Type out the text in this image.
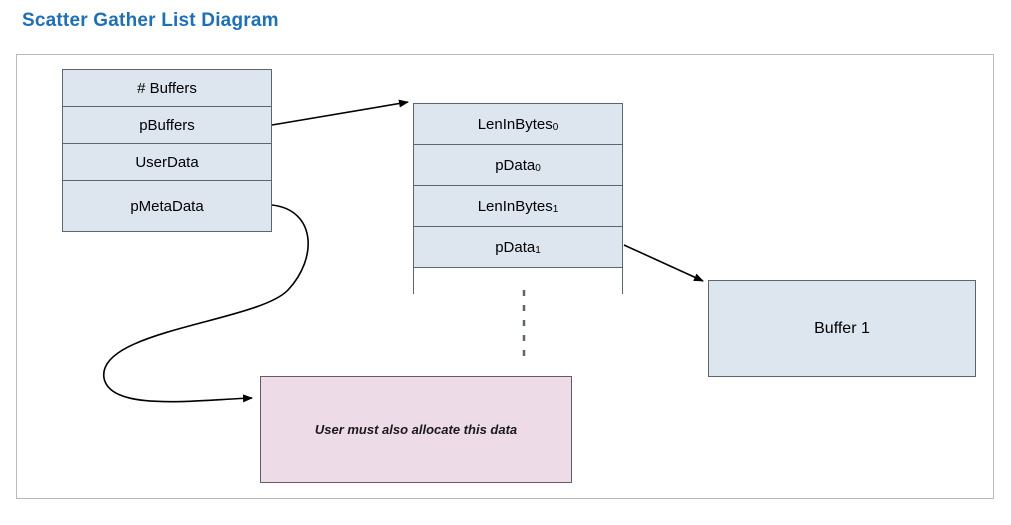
Scatter Gather List Diagram
# Buffers
pBuffers
UserData
pMetaData
LenInBytes$_0$
pData$_0$
LenInBytes$_1$
pData$_1$
Buffer 1
User must also allocate this data
